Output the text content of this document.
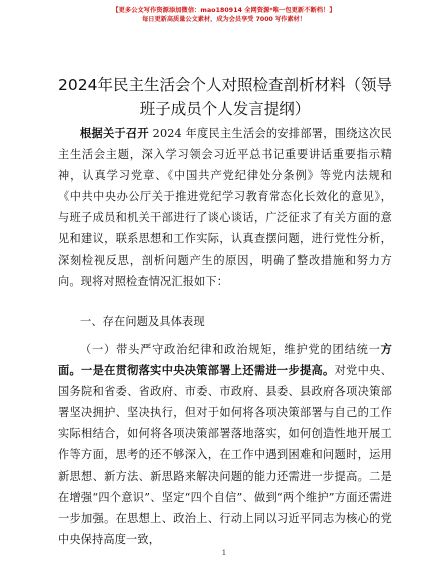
【更多公文写作资源添加微信：mao180914 全网资源*唯一包更新不断档！】
每日更新高质量公文素材，成为会员享受 7000 写作素材！
2024年民主生活会个人对照检查剖析材料（领导班子成员个人发言提纲）
根据关于召开 2024 年度民主生活会的安排部署，围绕这次民主生活会主题，深入学习领会习近平总书记重要讲话重要指示精神，认真学习党章、《中国共产党纪律处分条例》等党内法规和《中共中央办公厅关于推进党纪学习教育常态化长效化的意见》，与班子成员和机关干部进行了谈心谈话，广泛征求了有关方面的意见和建议，联系思想和工作实际，认真查摆问题，进行党性分析，深刻检视反思，剖析问题产生的原因，明确了整改措施和努力方向。现将对照检查情况汇报如下：
一、存在问题及具体表现
（一）带头严守政治纪律和政治规矩，维护党的团结统一方面。一是在贯彻落实中央决策部署上还需进一步提高。对党中央、国务院和省委、省政府、市委、市政府、县委、县政府各项决策部署坚决拥护、坚决执行，但对于如何将各项决策部署与自己的工作实际相结合，如何将各项决策部署落地落实，如何创造性地开展工作等方面，思考的还不够深入，在工作中遇到困难和问题时，运用新思想、新方法、新思路来解决问题的能力还需进一步提高。二是在增强“四个意识”、坚定“四个自信”、做到“两个维护”方面还需进一步加强。在思想上、政治上、行动上同以习近平同志为核心的党中央保持高度一致，
1
